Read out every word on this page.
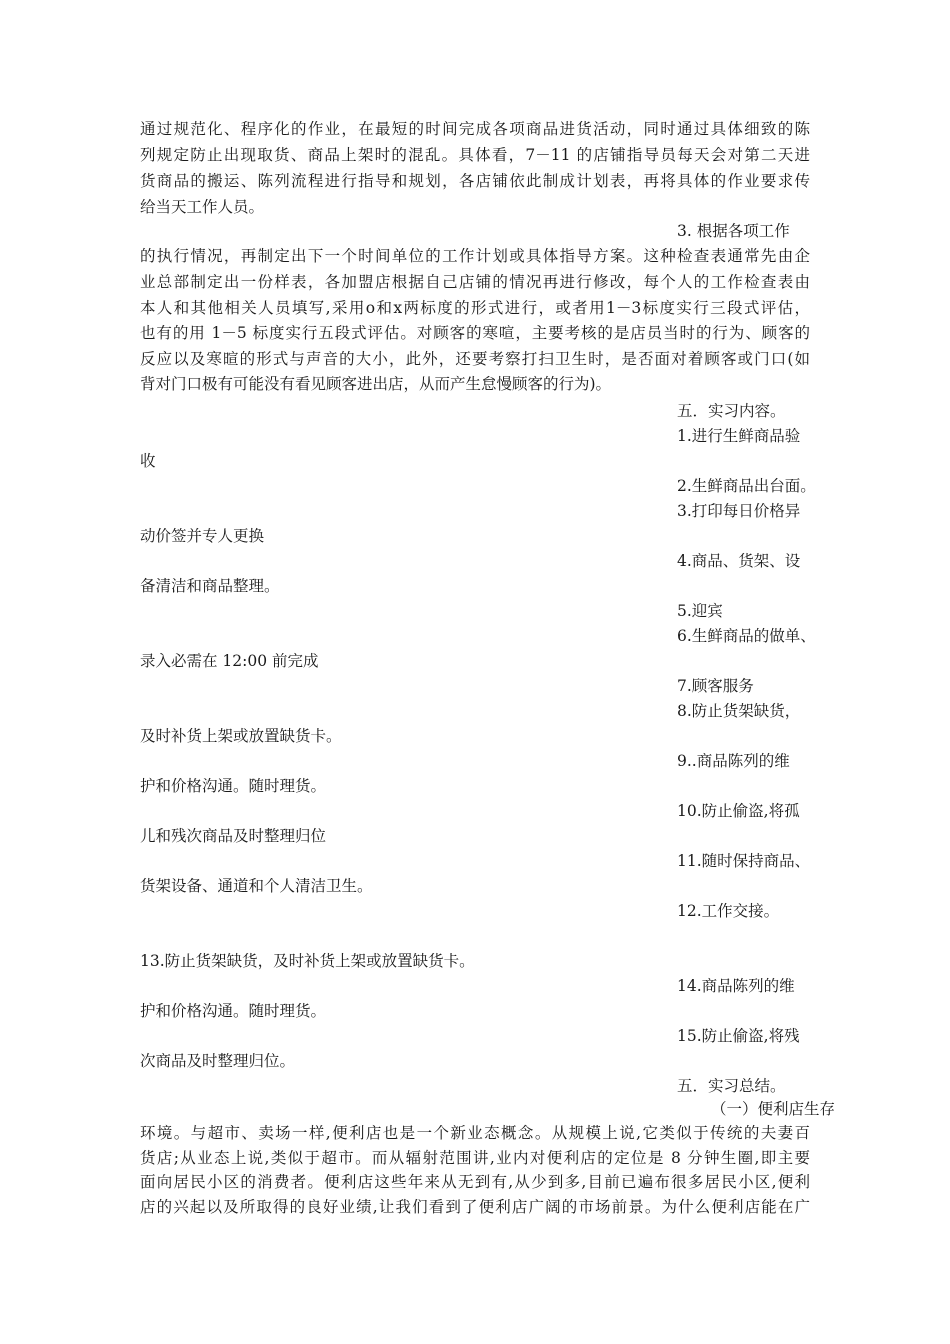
通过规范化、程序化的作业，在最短的时间完成各项商品进货活动，同时通过具体细致的陈
列规定防止出现取货、商品上架时的混乱。具体看，7－11 的店铺指导员每天会对第二天进
货商品的搬运、陈列流程进行指导和规划，各店铺依此制成计划表，再将具体的作业要求传
给当天工作人员。
3. 根据各项工作
的执行情况，再制定出下一个时间单位的工作计划或具体指导方案。这种检查表通常先由企
业总部制定出一份样表，各加盟店根据自己店铺的情况再进行修改，每个人的工作检查表由
本人和其他相关人员填写,采用o和x两标度的形式进行，或者用1－3标度实行三段式评估，
也有的用 1－5 标度实行五段式评估。对顾客的寒喧，主要考核的是店员当时的行为、顾客的
反应以及寒暄的形式与声音的大小，此外，还要考察打扫卫生时，是否面对着顾客或门口(如
背对门口极有可能没有看见顾客进出店，从而产生怠慢顾客的行为)。
五．实习内容。
1.进行生鲜商品验
收
2.生鲜商品出台面。
3.打印每日价格异
动价签并专人更换
4.商品、货架、设
备清洁和商品整理。
5.迎宾
6.生鲜商品的做单、
录入必需在 12:00 前完成
7.顾客服务
8.防止货架缺货，
及时补货上架或放置缺货卡。
9..商品陈列的维
护和价格沟通。随时理货。
10.防止偷盗,将孤
儿和残次商品及时整理归位
11.随时保持商品、
货架设备、通道和个人清洁卫生。
12.工作交接。
13.防止货架缺货，及时补货上架或放置缺货卡。
14.商品陈列的维
护和价格沟通。随时理货。
15.防止偷盗,将残
次商品及时整理归位。
五．实习总结。
（一）便利店生存
环境。与超市、卖场一样,便利店也是一个新业态概念。从规模上说,它类似于传统的夫妻百
货店;从业态上说,类似于超市。而从辐射范围讲,业内对便利店的定位是 8 分钟生圈,即主要
面向居民小区的消费者。便利店这些年来从无到有,从少到多,目前已遍布很多居民小区,便利
店的兴起以及所取得的良好业绩,让我们看到了便利店广阔的市场前景。为什么便利店能在广
